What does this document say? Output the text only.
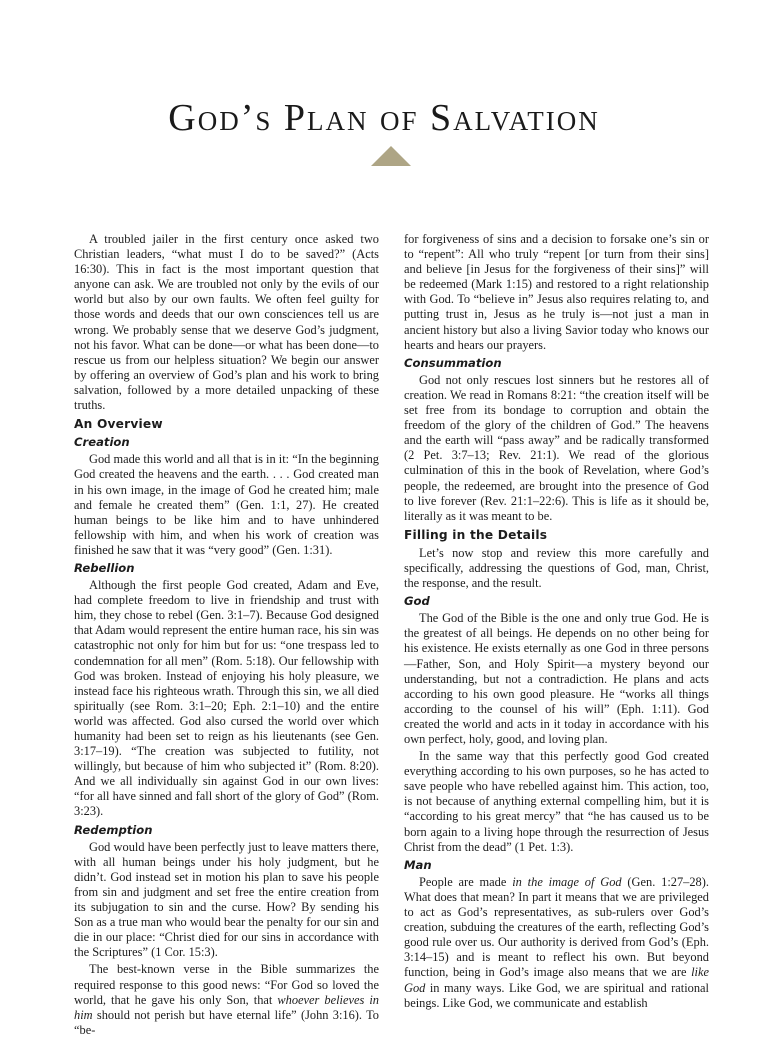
God’s Plan of Salvation

A troubled jailer in the first century once asked two Christian leaders, “what must I do to be saved?” (Acts 16:30). This in fact is the most important question that anyone can ask. We are troubled not only by the evils of our world but also by our own faults. We often feel guilty for those words and deeds that our own consciences tell us are wrong. We probably sense that we deserve God’s judgment, not his favor. What can be done—or what has been done—to rescue us from our helpless situation? We begin our answer by offering an overview of God’s plan and his work to bring salvation, followed by a more detailed unpacking of these truths.

An Overview
Creation

God made this world and all that is in it: “In the beginning God created the heavens and the earth. . . . God created man in his own image, in the image of God he created him; male and female he created them” (Gen. 1:1, 27). He created human beings to be like him and to have unhindered fellowship with him, and when his work of creation was finished he saw that it was “very good” (Gen. 1:31).

Rebellion

Although the first people God created, Adam and Eve, had complete freedom to live in friendship and trust with him, they chose to rebel (Gen. 3:1–7). Because God designed that Adam would represent the entire human race, his sin was catastrophic not only for him but for us: “one trespass led to condemnation for all men” (Rom. 5:18). Our fellowship with God was broken. Instead of enjoying his holy pleasure, we instead face his righteous wrath. Through this sin, we all died spiritually (see Rom. 3:1–20; Eph. 2:1–10) and the entire world was affected. God also cursed the world over which humanity had been set to reign as his lieutenants (see Gen. 3:17–19). “The creation was subjected to futility, not willingly, but because of him who subjected it” (Rom. 8:20). And we all individually sin against God in our own lives: “for all have sinned and fall short of the glory of God” (Rom. 3:23).

Redemption

God would have been perfectly just to leave matters there, with all human beings under his holy judgment, but he didn’t. God instead set in motion his plan to save his people from sin and judgment and set free the entire creation from its subjugation to sin and the curse. How? By sending his Son as a true man who would bear the penalty for our sin and die in our place: “Christ died for our sins in accordance with the Scriptures” (1 Cor. 15:3).

The best-known verse in the Bible summarizes the required response to this good news: “For God so loved the world, that he gave his only Son, that whoever believes in him should not perish but have eternal life” (John 3:16). To “be-

for forgiveness of sins and a decision to forsake one’s sin or to “repent”: All who truly “repent [or turn from their sins] and believe [in Jesus for the forgiveness of their sins]” will be redeemed (Mark 1:15) and restored to a right relationship with God. To “believe in” Jesus also requires relating to, and putting trust in, Jesus as he truly is—not just a man in ancient history but also a living Savior today who knows our hearts and hears our prayers.

Consummation

God not only rescues lost sinners but he restores all of creation. We read in Romans 8:21: “the creation itself will be set free from its bondage to corruption and obtain the freedom of the glory of the children of God.” The heavens and the earth will “pass away” and be radically transformed (2 Pet. 3:7–13; Rev. 21:1). We read of the glorious culmination of this in the book of Revelation, where God’s people, the redeemed, are brought into the presence of God to live forever (Rev. 21:1–22:6). This is life as it should be, literally as it was meant to be.

Filling in the Details

Let’s now stop and review this more carefully and specifically, addressing the questions of God, man, Christ, the response, and the result.

God

The God of the Bible is the one and only true God. He is the greatest of all beings. He depends on no other being for his existence. He exists eternally as one God in three persons—Father, Son, and Holy Spirit—a mystery beyond our understanding, but not a contradiction. He plans and acts according to his own good pleasure. He “works all things according to the counsel of his will” (Eph. 1:11). God created the world and acts in it today in accordance with his own perfect, holy, good, and loving plan.

In the same way that this perfectly good God created everything according to his own purposes, so he has acted to save people who have rebelled against him. This action, too, is not because of anything external compelling him, but it is “according to his great mercy” that “he has caused us to be born again to a living hope through the resurrection of Jesus Christ from the dead” (1 Pet. 1:3).

Man

People are made in the image of God (Gen. 1:27–28). What does that mean? In part it means that we are privileged to act as God’s representatives, as sub-rulers over God’s creation, subduing the creatures of the earth, reflecting God’s good rule over us. Our authority is derived from God’s (Eph. 3:14–15) and is meant to reflect his own. But beyond function, being in God’s image also means that we are like God in many ways. Like God, we are spiritual and rational beings. Like God, we communicate and establish
